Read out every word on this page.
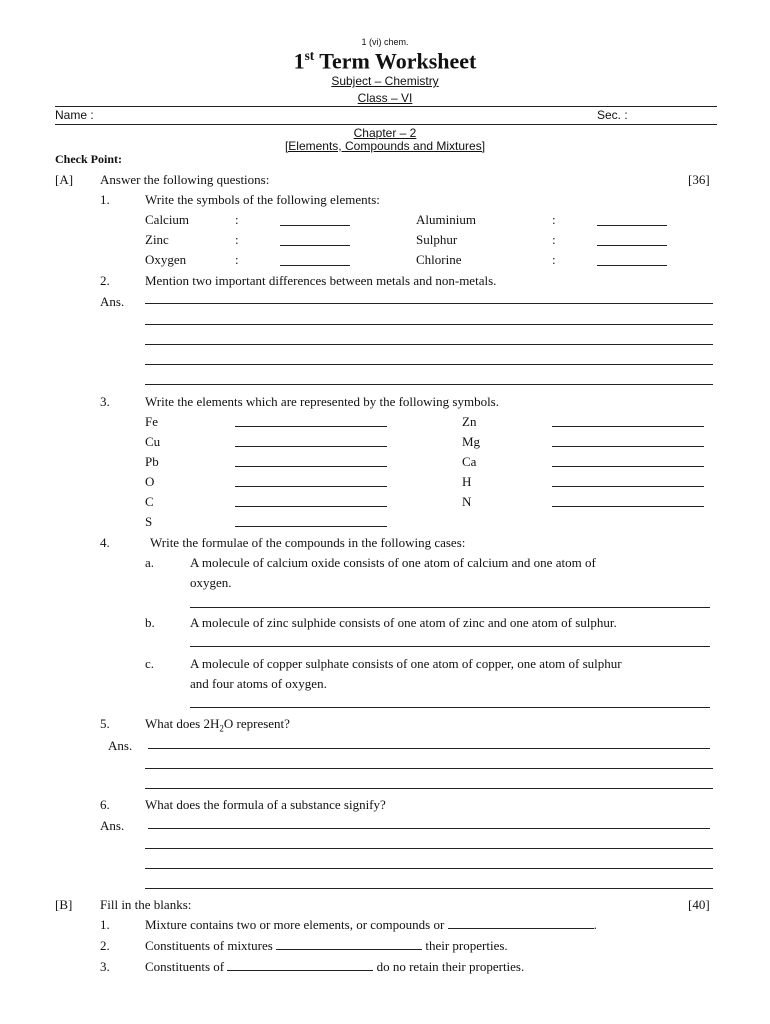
1 (vi) chem.
1st Term Worksheet
Subject – Chemistry
Class – VI
Name :	Sec. :
Chapter – 2
[Elements, Compounds and Mixtures]
Check Point:
[A] Answer the following questions:	[36]
1.	Write the symbols of the following elements:
Calcium	:	Aluminium	:
Zinc	:	Sulphur	:
Oxygen	:	Chlorine	:
2.	Mention two important differences between metals and non-metals.
Ans.
3.	Write the elements which are represented by the following symbols.
Fe	Zn
Cu	Mg
Pb	Ca
O	H
C	N
S
4.	Write the formulae of the compounds in the following cases:
a.	A molecule of calcium oxide consists of one atom of calcium and one atom of
oxygen.
b.	A molecule of zinc sulphide consists of one atom of zinc and one atom of sulphur.
c.	A molecule of copper sulphate consists of one atom of copper, one atom of sulphur
and four atoms of oxygen.
5.	What does $2H_2O$ represent?
Ans.
6.	What does the formula of a substance signify?
Ans.
[B] Fill in the blanks:	[40]
1.	Mixture contains two or more elements, or compounds or	.
2.	Constituents of mixtures	their properties.
3.	Constituents of	do no retain their properties.
